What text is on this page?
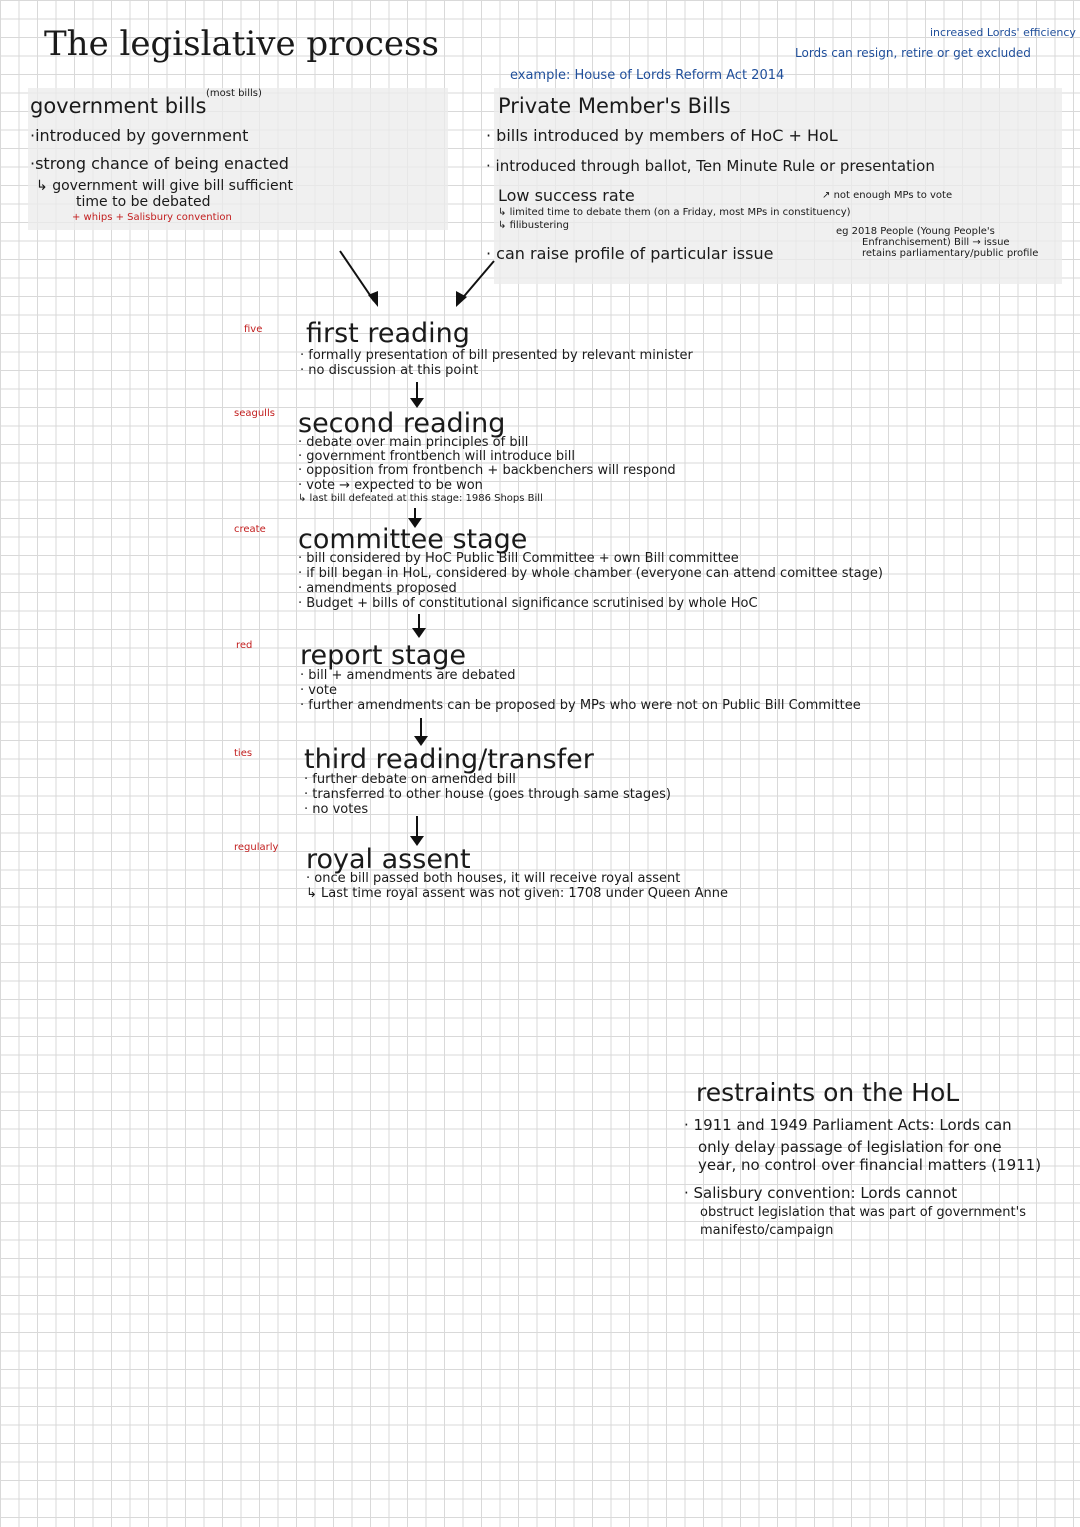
The legislative process	increased Lords' efficiency
Lords can resign, retire or get excluded
example: House of Lords Reform Act 2014
government bills
(most bills)
·introduced by government
·strong chance of being enacted
↳ government will give bill sufficient
time to be debated
+ whips + Salisbury convention
Private Member's Bills
· bills introduced by members of HoC + HoL
· introduced through ballot, Ten Minute Rule or presentation
Low success rate
↳ limited time to debate them (on a Friday, most MPs in constituency)
↳ filibustering
· can raise profile of particular issue
↗ not enough MPs to vote
eg 2018 People (Young People's
Enfranchisement) Bill → issue
retains parliamentary/public profile
five first reading
· formally presentation of bill presented by relevant minister
· no discussion at this point
seagulls second reading
· debate over main principles of bill
· government frontbench will introduce bill
· opposition from frontbench + backbenchers will respond
· vote → expected to be won
↳ last bill defeated at this stage: 1986 Shops Bill
create committee stage
· bill considered by HoC Public Bill Committee + own Bill committee
· if bill began in HoL, considered by whole chamber (everyone can attend comittee stage)
· amendments proposed
· Budget + bills of constitutional significance scrutinised by whole HoC
red report stage
· bill + amendments are debated
· vote
· further amendments can be proposed by MPs who were not on Public Bill Committee
ties third reading/transfer
· further debate on amended bill
· transferred to other house (goes through same stages)
· no votes
regularly royal assent
· once bill passed both houses, it will receive royal assent
↳ Last time royal assent was not given: 1708 under Queen Anne
restraints on the HoL
· 1911 and 1949 Parliament Acts: Lords can
only delay passage of legislation for one
year, no control over financial matters (1911)
· Salisbury convention: Lords cannot
obstruct legislation that was part of government's
manifesto/campaign
